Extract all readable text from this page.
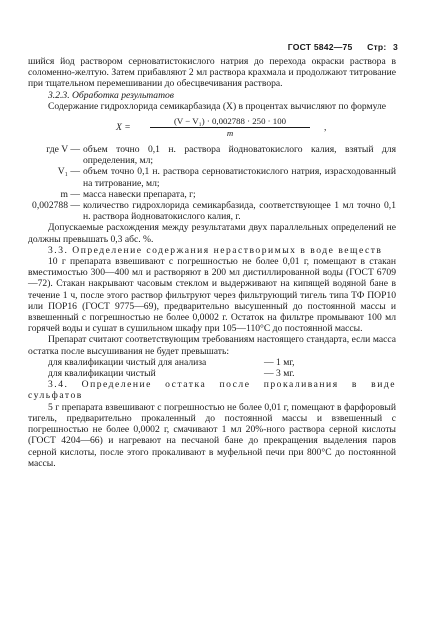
ГОСТ 5842—75 Стр: 3

шийся йод раствором серноватистокислого натрия до перехода окраски раствора в соломенно-желтую. Затем прибавляют 2 мл раствора крахмала и продолжают титрование при тщательном перемешивании до обесцвечивания раствора.

3.2.3. Обработка результатов

Содержание гидрохлорида семикарбазида (X) в процентах вычисляют по формуле

$X = \frac{\text{(V − V₁) · 0,002788 · 250 · 100}}{m}$ ,
где V — объем точно 0,1 н. раствора йодноватокислого калия, взятый для определения, мл;
V₁ — объем точно 0,1 н. раствора серноватистокислого натрия, израсходованный на титрование, мл;
m — масса навески препарата, г;
0,002788 — количество гидрохлорида семикарбазида, соответствующее 1 мл точно 0,1 н. раствора йодноватокислого калия, г.

Допускаемые расхождения между результатами двух параллельных определений не должны превышать 0,3 абс. %.

3.3. Определение содержания нерастворимых в воде веществ

10 г препарата взвешивают с погрешностью не более 0,01 г, помещают в стакан вместимостью 300—400 мл и растворяют в 200 мл дистиллированной воды (ГОСТ 6709—72). Стакан накрывают часовым стеклом и выдерживают на кипящей водяной бане в течение 1 ч, после этого раствор фильтруют через фильтрующий тигель типа ТФ ПОР10 или ПОР16 (ГОСТ 9775—69), предварительно высушенный до постоянной массы и взвешенный с погрешностью не более 0,0002 г. Остаток на фильтре промывают 100 мл горячей воды и сушат в сушильном шкафу при 105—110°С до постоянной массы.

Препарат считают соответствующим требованиям настоящего стандарта, если масса остатка после высушивания не будет превышать:

для квалификации чистый для анализа	— 1 мг,
для квалификации чистый	— 3 мг.

3.4. Определение остатка после прокаливания в виде сульфатов

5 г препарата взвешивают с погрешностью не более 0,01 г, помещают в фарфоровый тигель, предварительно прокаленный до постоянной массы и взвешенный с погрешностью не более 0,0002 г, смачивают 1 мл 20%-ного раствора серной кислоты (ГОСТ 4204—66) и нагревают на песчаной бане до прекращения выделения паров серной кислоты, после этого прокаливают в муфельной печи при 800°С до постоянной массы.
